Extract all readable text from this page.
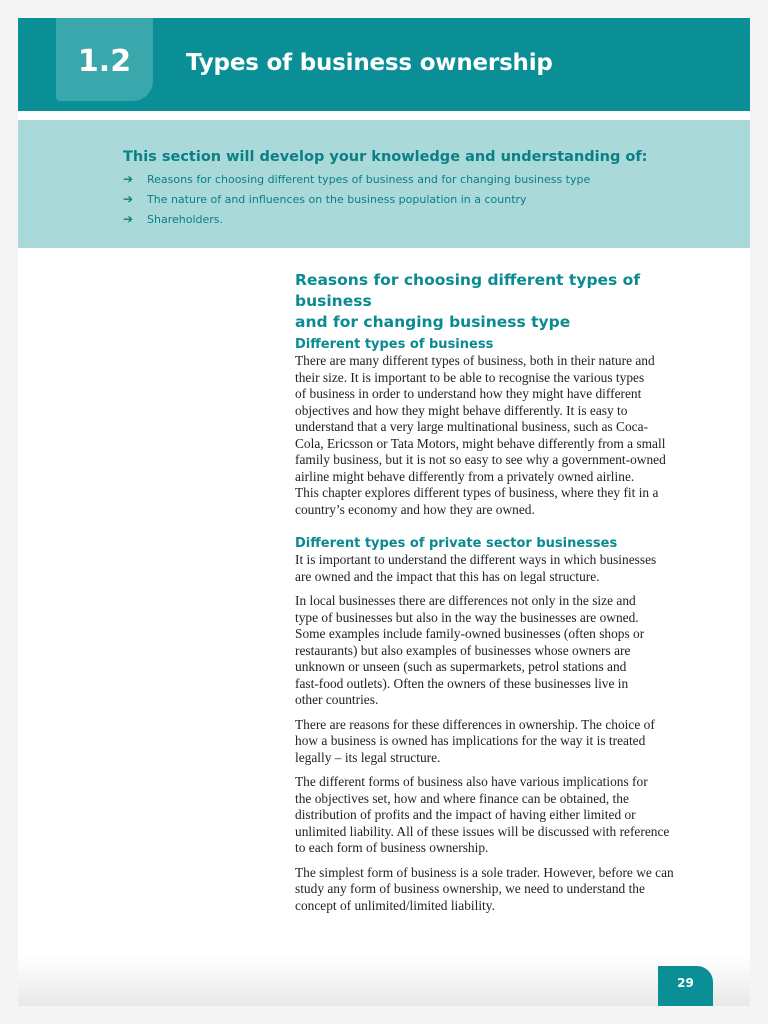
1.2	Types of business ownership
This section will develop your knowledge and understanding of:
➔	Reasons for choosing different types of business and for changing business type
➔	The nature of and influences on the business population in a country
➔	Shareholders.
Reasons for choosing different types of business
and for changing business type
Different types of business

There are many different types of business, both in their nature and
their size. It is important to be able to recognise the various types
of business in order to understand how they might have different
objectives and how they might behave differently. It is easy to
understand that a very large multinational business, such as Coca-
Cola, Ericsson or Tata Motors, might behave differently from a small
family business, but it is not so easy to see why a government-owned
airline might behave differently from a privately owned airline.
This chapter explores different types of business, where they fit in a
country’s economy and how they are owned.

Different types of private sector businesses

It is important to understand the different ways in which businesses
are owned and the impact that this has on legal structure.

In local businesses there are differences not only in the size and
type of businesses but also in the way the businesses are owned.
Some examples include family-owned businesses (often shops or
restaurants) but also examples of businesses whose owners are
unknown or unseen (such as supermarkets, petrol stations and
fast-food outlets). Often the owners of these businesses live in
other countries.

There are reasons for these differences in ownership. The choice of
how a business is owned has implications for the way it is treated
legally – its legal structure.

The different forms of business also have various implications for
the objectives set, how and where finance can be obtained, the
distribution of profits and the impact of having either limited or
unlimited liability. All of these issues will be discussed with reference
to each form of business ownership.

The simplest form of business is a sole trader. However, before we can
study any form of business ownership, we need to understand the
concept of unlimited/limited liability.

29
